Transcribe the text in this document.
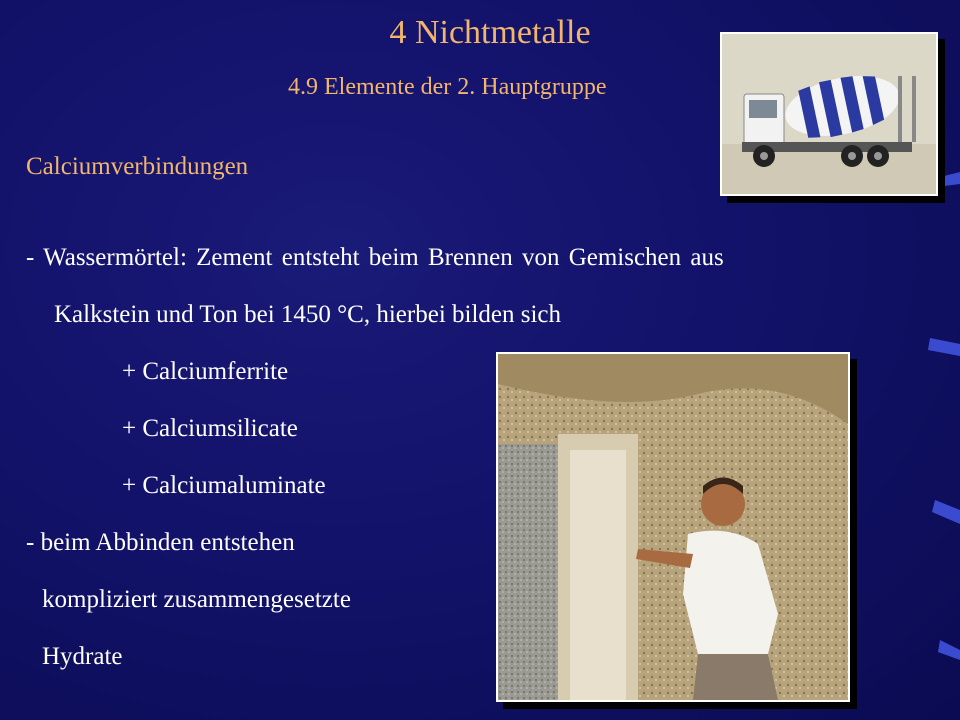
4 Nichtmetalle
4.9 Elemente der 2. Hauptgruppe
Calciumverbindungen
- Wassermörtel: Zement entsteht beim Brennen von Gemischen aus
Kalkstein und Ton bei 1450 °C, hierbei bilden sich
+ Calciumferrite
+ Calciumsilicate
+ Calciumaluminate
- beim Abbinden entstehen
kompliziert zusammengesetzte
Hydrate
